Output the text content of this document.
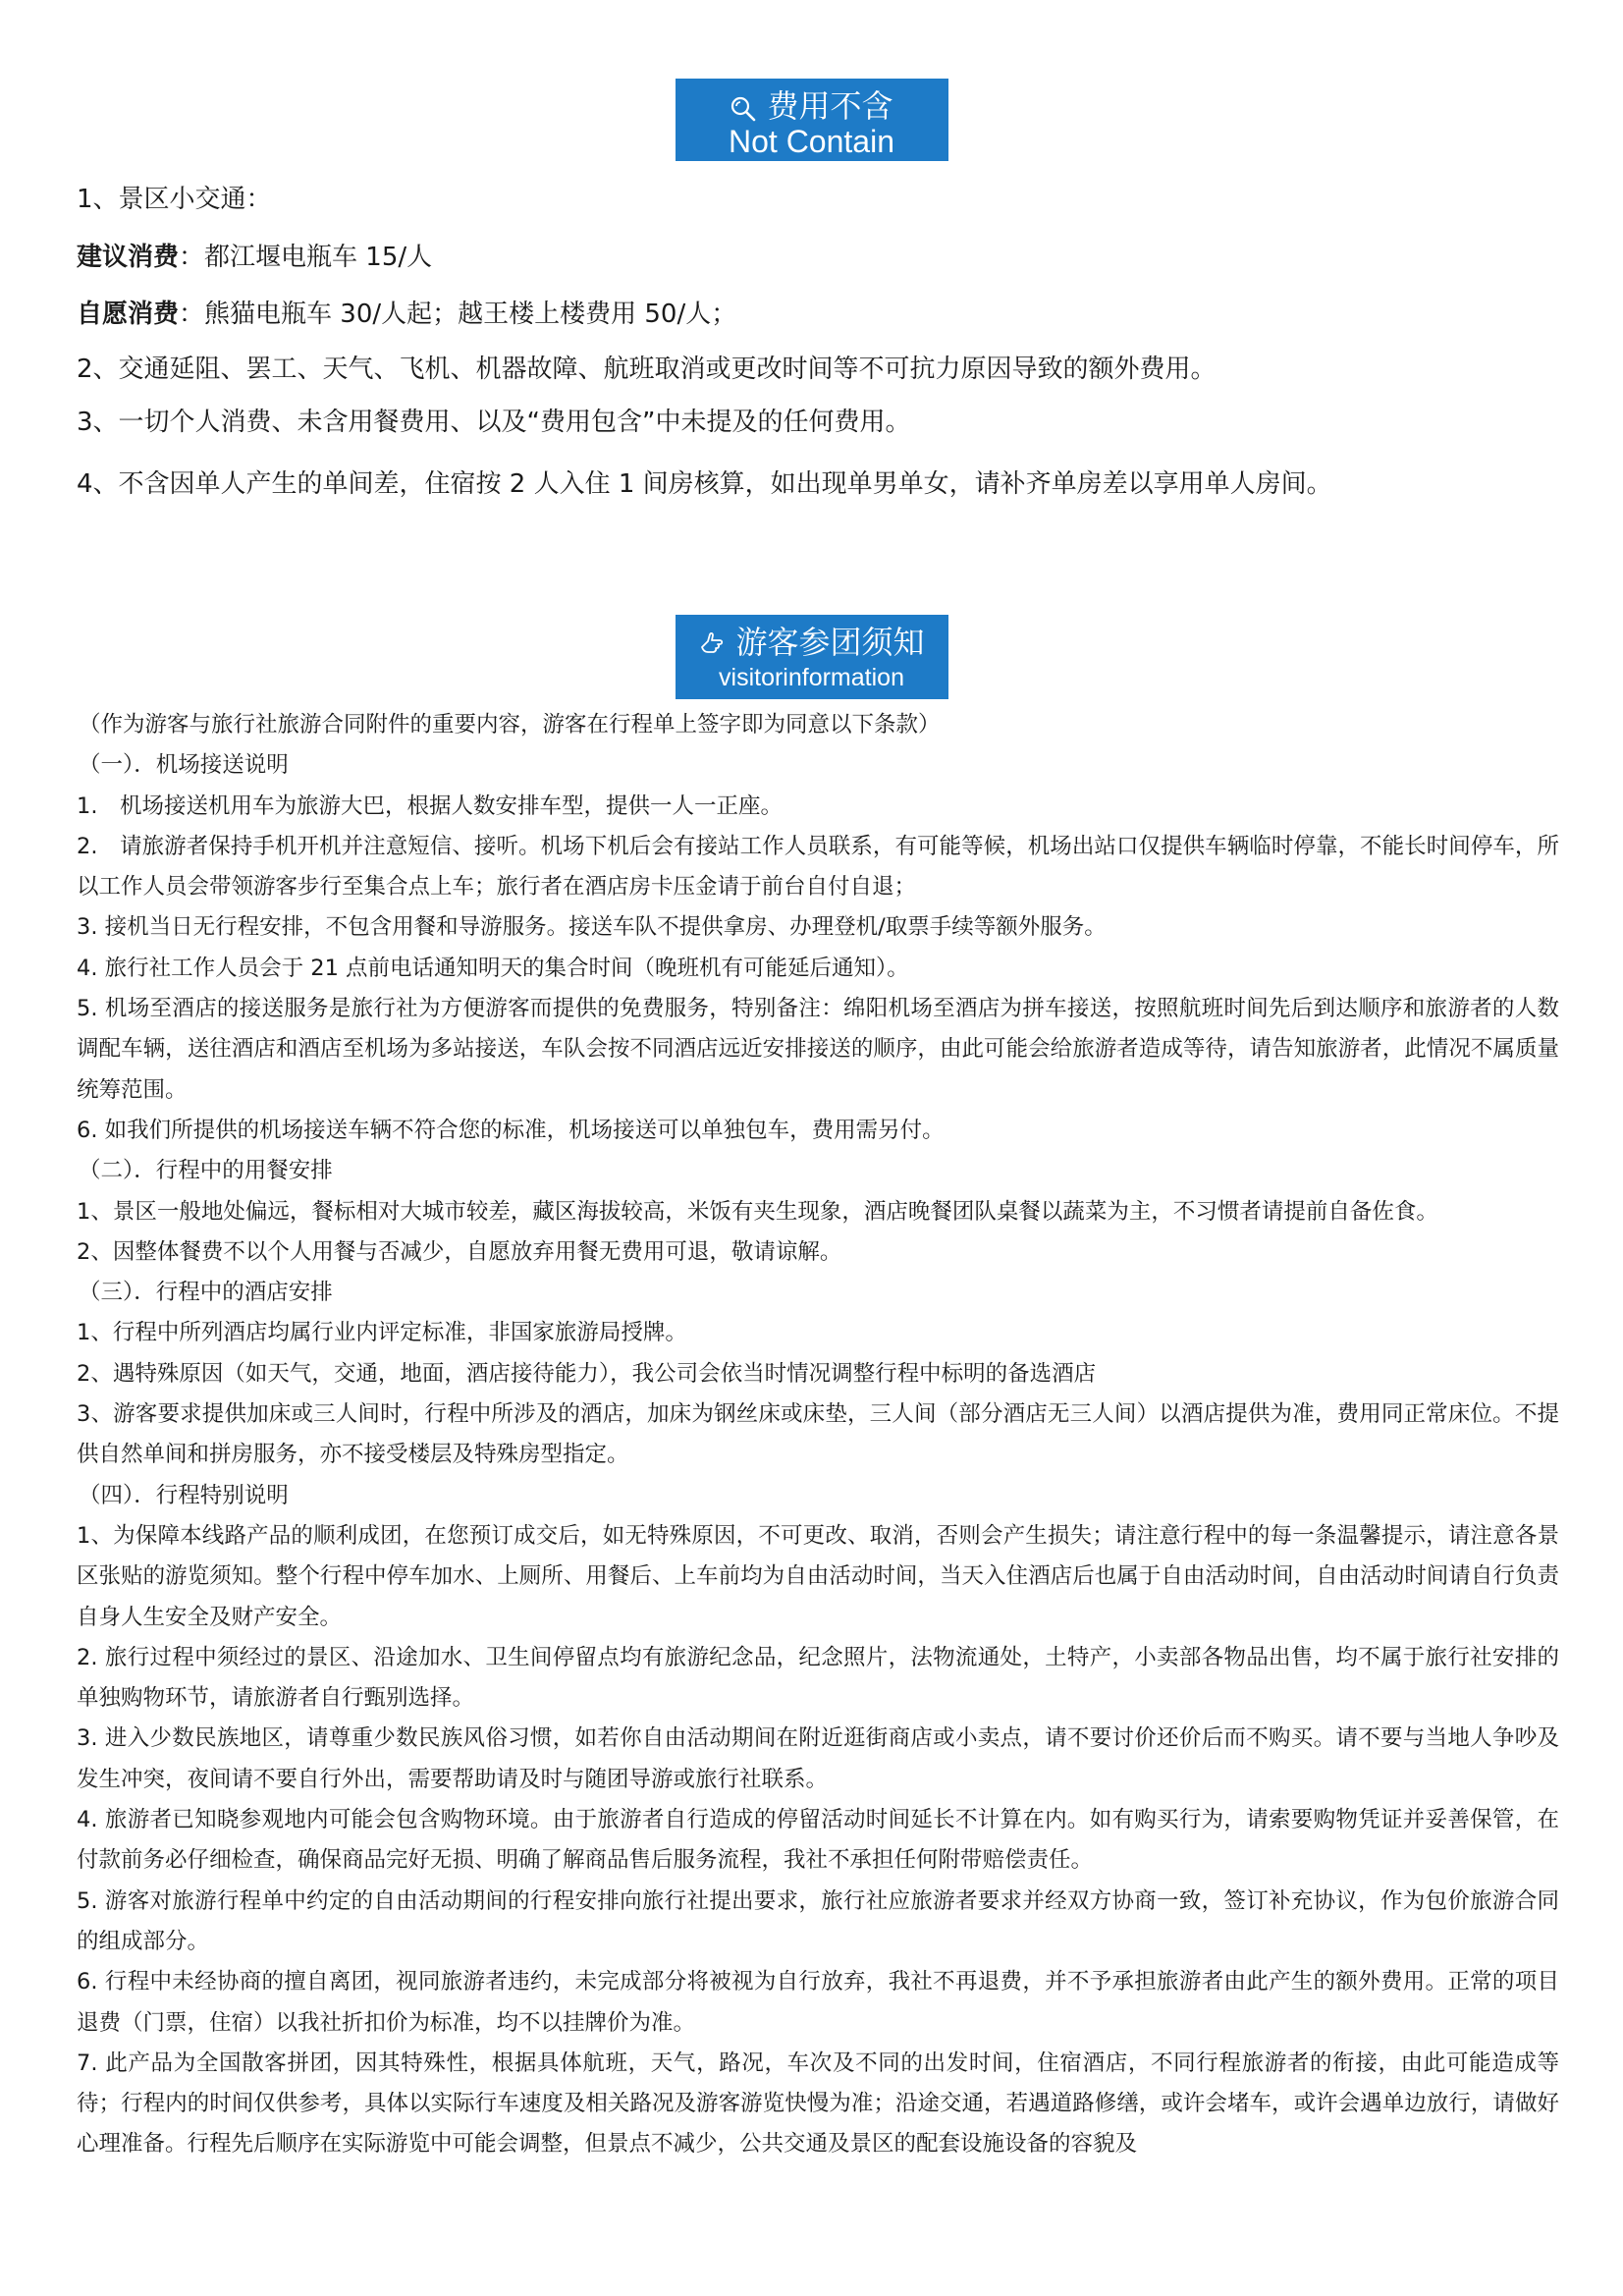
费用不含
Not Contain
1、景区小交通：
建议消费：都江堰电瓶车 15/人
自愿消费：熊猫电瓶车 30/人起；越王楼上楼费用 50/人；
2、交通延阻、罢工、天气、飞机、机器故障、航班取消或更改时间等不可抗力原因导致的额外费用。
3、一切个人消费、未含用餐费用、以及“费用包含”中未提及的任何费用。
4、不含因单人产生的单间差，住宿按 2 人入住 1 间房核算，如出现单男单女，请补齐单房差以享用单人房间。
游客参团须知
visitorinformation

（作为游客与旅行社旅游合同附件的重要内容，游客在行程单上签字即为同意以下条款）

（一）．机场接送说明

1.　机场接送机用车为旅游大巴，根据人数安排车型，提供一人一正座。

2.　请旅游者保持手机开机并注意短信、接听。机场下机后会有接站工作人员联系，有可能等候，机场出站口仅提供车辆临时停靠，不能长时间停车，所以工作人员会带领游客步行至集合点上车；旅行者在酒店房卡压金请于前台自付自退；

3. 接机当日无行程安排，不包含用餐和导游服务。接送车队不提供拿房、办理登机/取票手续等额外服务。

4. 旅行社工作人员会于 21 点前电话通知明天的集合时间（晚班机有可能延后通知）。

5. 机场至酒店的接送服务是旅行社为方便游客而提供的免费服务，特别备注：绵阳机场至酒店为拼车接送，按照航班时间先后到达顺序和旅游者的人数调配车辆，送往酒店和酒店至机场为多站接送，车队会按不同酒店远近安排接送的顺序，由此可能会给旅游者造成等待，请告知旅游者，此情况不属质量统筹范围。

6. 如我们所提供的机场接送车辆不符合您的标准，机场接送可以单独包车，费用需另付。

（二）．行程中的用餐安排

1、景区一般地处偏远，餐标相对大城市较差，藏区海拔较高，米饭有夹生现象，酒店晚餐团队桌餐以蔬菜为主，不习惯者请提前自备佐食。

2、因整体餐费不以个人用餐与否减少，自愿放弃用餐无费用可退，敬请谅解。

（三）．行程中的酒店安排

1、行程中所列酒店均属行业内评定标准，非国家旅游局授牌。

2、遇特殊原因（如天气，交通，地面，酒店接待能力），我公司会依当时情况调整行程中标明的备选酒店

3、游客要求提供加床或三人间时，行程中所涉及的酒店，加床为钢丝床或床垫，三人间（部分酒店无三人间）以酒店提供为准，费用同正常床位。不提供自然单间和拼房服务，亦不接受楼层及特殊房型指定。

（四）．行程特别说明

1、为保障本线路产品的顺利成团，在您预订成交后，如无特殊原因，不可更改、取消，否则会产生损失；请注意行程中的每一条温馨提示，请注意各景区张贴的游览须知。整个行程中停车加水、上厕所、用餐后、上车前均为自由活动时间，当天入住酒店后也属于自由活动时间，自由活动时间请自行负责自身人生安全及财产安全。

2. 旅行过程中须经过的景区、沿途加水、卫生间停留点均有旅游纪念品，纪念照片，法物流通处，土特产，小卖部各物品出售，均不属于旅行社安排的单独购物环节，请旅游者自行甄别选择。

3. 进入少数民族地区，请尊重少数民族风俗习惯，如若你自由活动期间在附近逛街商店或小卖点，请不要讨价还价后而不购买。请不要与当地人争吵及发生冲突，夜间请不要自行外出，需要帮助请及时与随团导游或旅行社联系。

4. 旅游者已知晓参观地内可能会包含购物环境。由于旅游者自行造成的停留活动时间延长不计算在内。如有购买行为，请索要购物凭证并妥善保管，在付款前务必仔细检查，确保商品完好无损、明确了解商品售后服务流程，我社不承担任何附带赔偿责任。

5. 游客对旅游行程单中约定的自由活动期间的行程安排向旅行社提出要求，旅行社应旅游者要求并经双方协商一致，签订补充协议，作为包价旅游合同的组成部分。

6. 行程中未经协商的擅自离团，视同旅游者违约，未完成部分将被视为自行放弃，我社不再退费，并不予承担旅游者由此产生的额外费用。正常的项目退费（门票，住宿）以我社折扣价为标准，均不以挂牌价为准。

7. 此产品为全国散客拼团，因其特殊性，根据具体航班，天气，路况，车次及不同的出发时间，住宿酒店，不同行程旅游者的衔接，由此可能造成等待；行程内的时间仅供参考，具体以实际行车速度及相关路况及游客游览快慢为准；沿途交通，若遇道路修缮，或许会堵车，或许会遇单边放行，请做好心理准备。行程先后顺序在实际游览中可能会调整，但景点不减少，公共交通及景区的配套设施设备的容貌及
